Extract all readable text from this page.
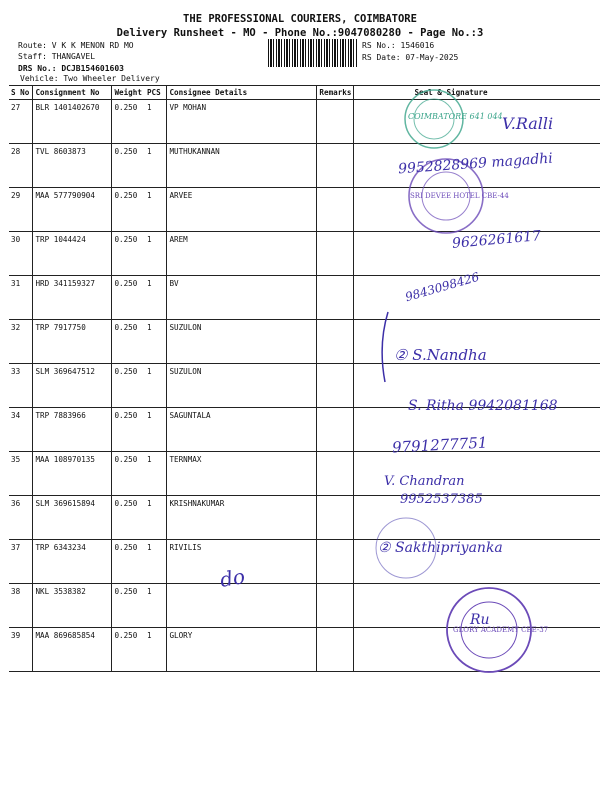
THE PROFESSIONAL COURIERS, COIMBATORE
Delivery Runsheet - MO - Phone No.:9047080280 - Page No.:3
Route: V K K MENON RD MO
Staff: THANGAVEL
DRS No.: DCJB154601603
Vehicle: Two Wheeler Delivery
RS No.: 1546016
RS Date: 07-May-2025
S No	Consignment No	Weight	PCS	Consignee Details	Remarks	Seal & Signature
27	BLR 1401402670	0.250	1	VP MOHAN		
28	TVL 8603873	0.250	1	MUTHUKANNAN		
29	MAA 577790904	0.250	1	ARVEE		
30	TRP 1044424	0.250	1	AREM		
31	HRD 341159327	0.250	1	BV		
32	TRP 7917750	0.250	1	SUZULON		
33	SLM 369647512	0.250	1	SUZULON		
34	TRP 7883966	0.250	1	SAGUNTALA		
35	MAA 108970135	0.250	1	TERNMAX		
36	SLM 369615894	0.250	1	KRISHNAKUMAR		
37	TRP 6343234	0.250	1	RIVILIS		
38	NKL 3538382	0.250	1			
39	MAA 869685854	0.250	1	GLORY		
COIMBATORE 641 044
SRI DEVEE HOTEL CBE-44
GLORY ACADEMY CBE-37
V.Ralli
9952828969 magadhi
9626261617
9843098426
② S.Nandha
S. Ritha 9942081168
9791277751
V. Chandran
9952537385
② Sakthipriyanka
do
Ru
